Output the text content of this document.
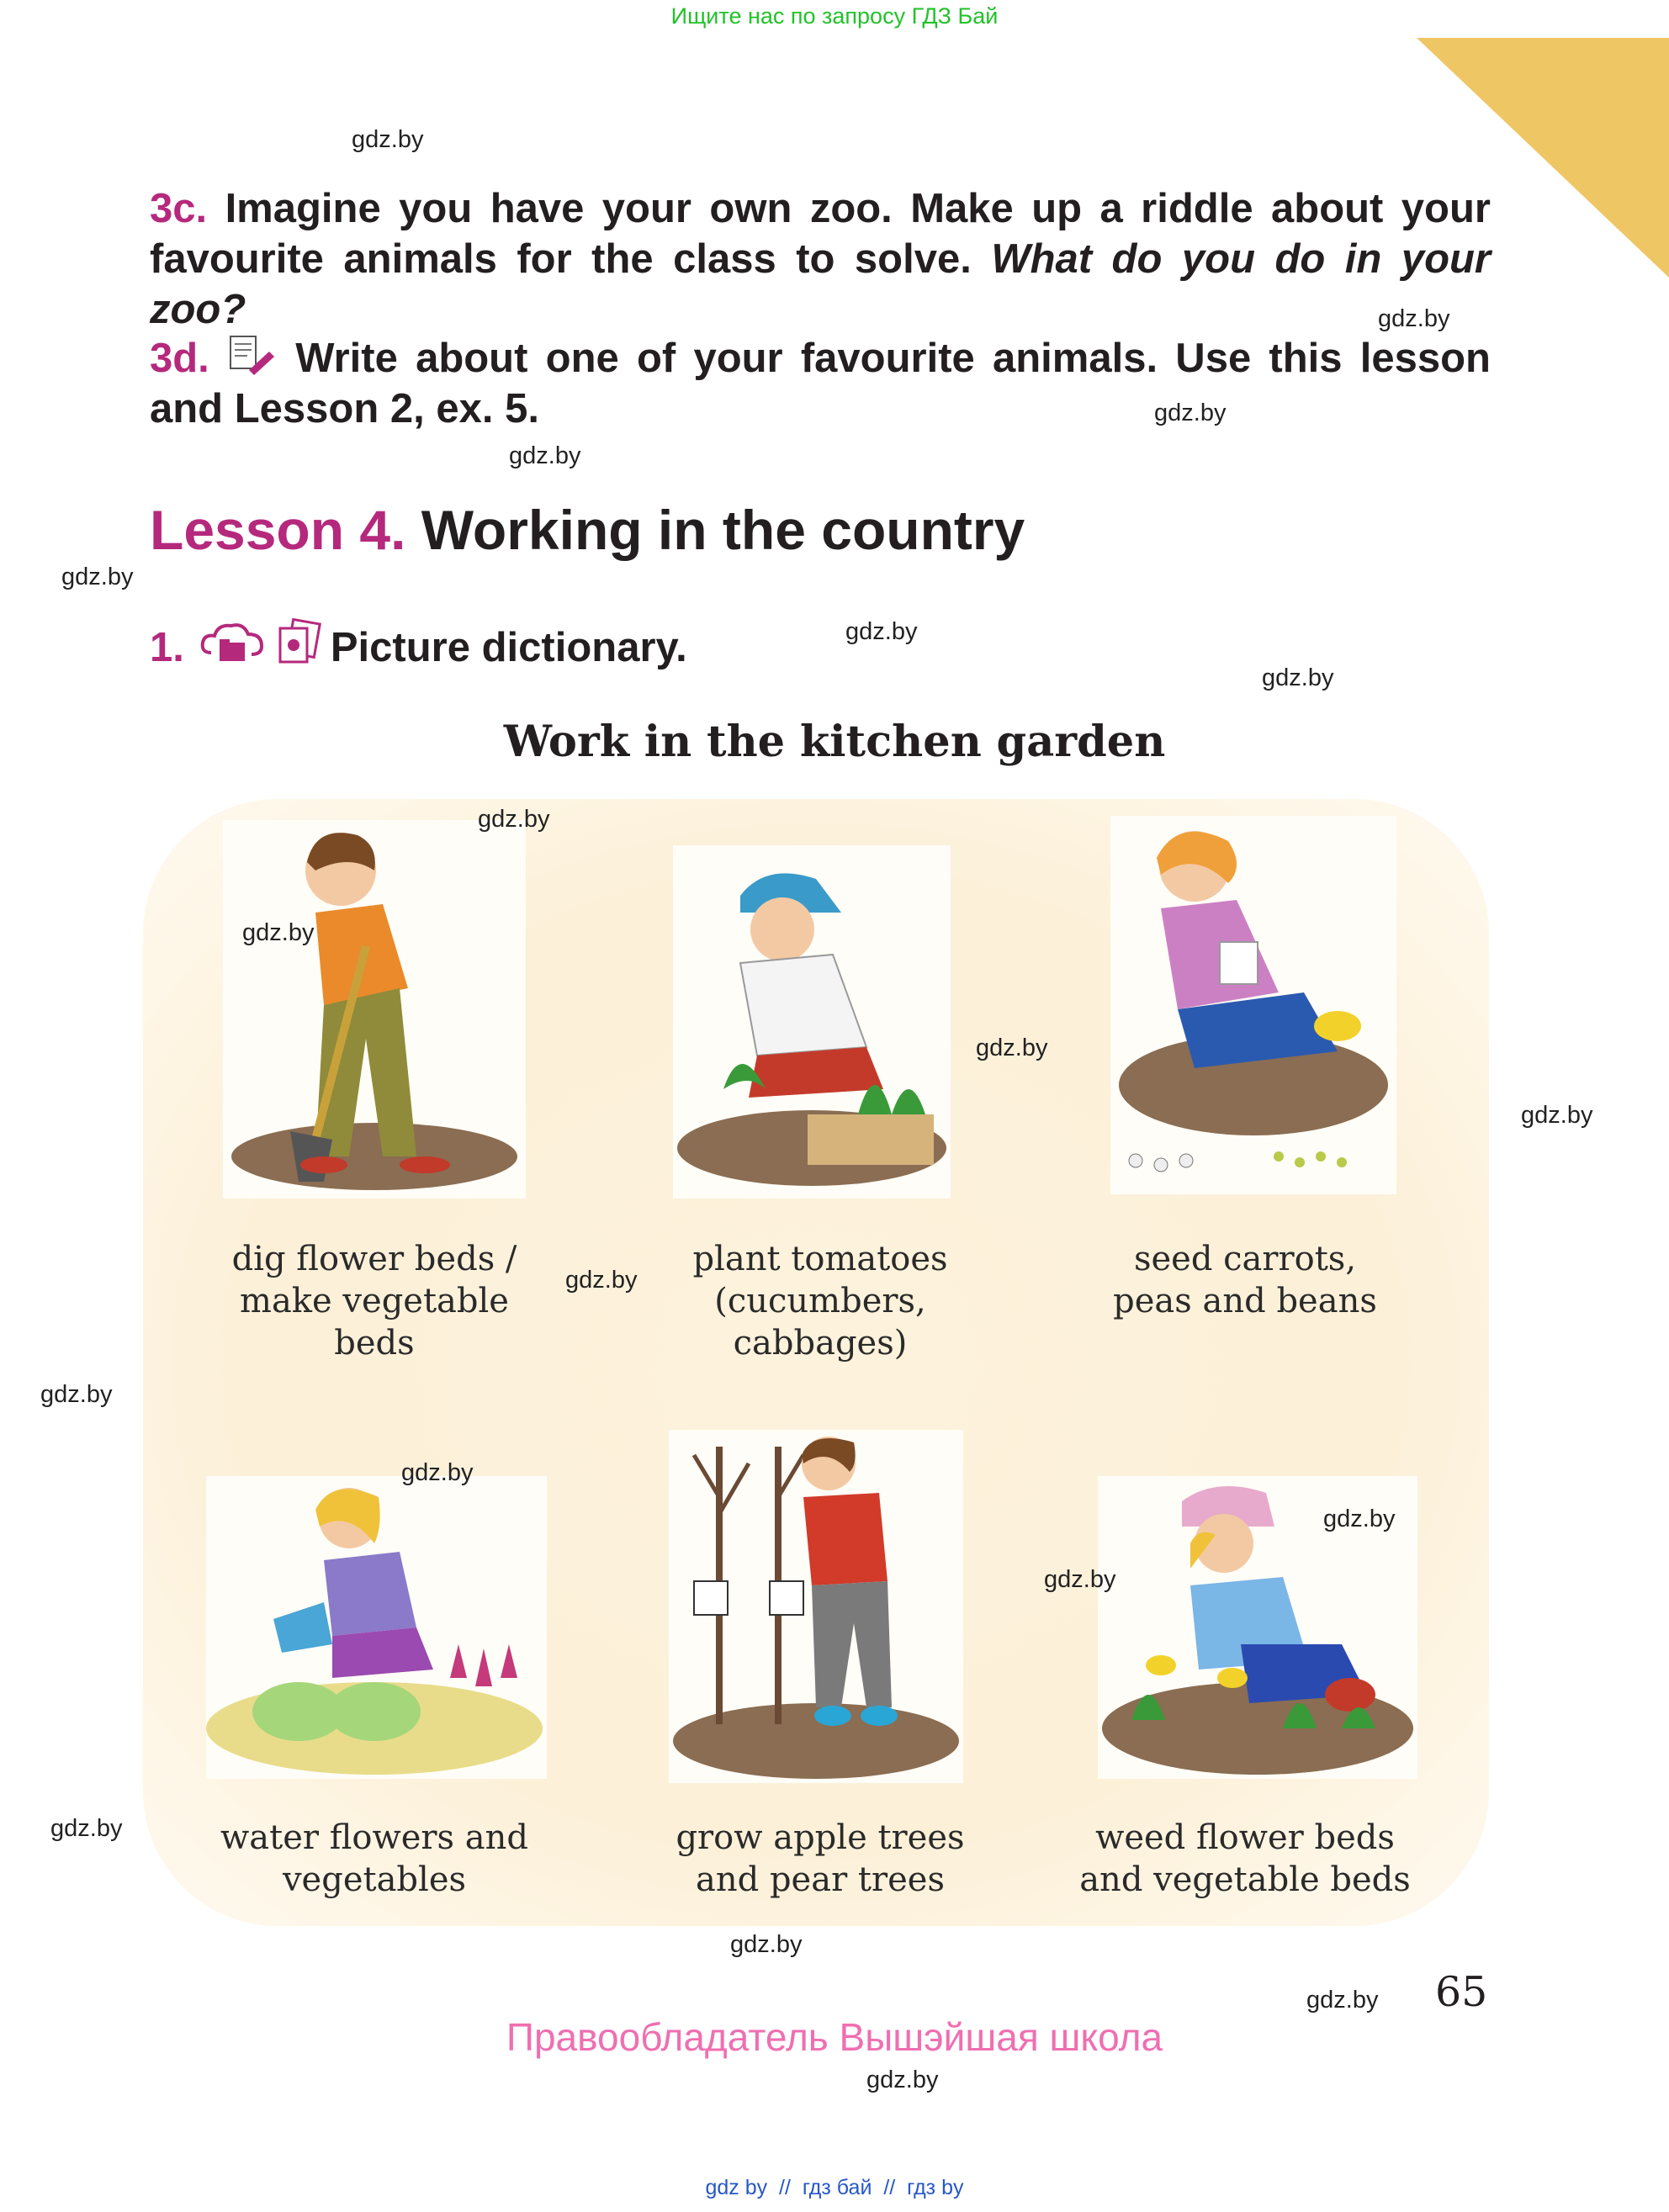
Ищите нас по запросу ГДЗ Бай
3c. Imagine you have your own zoo. Make up a riddle about your favourite animals for the class to solve. What do you do in your zoo?
3d. Write about one of your favourite animals. Use this lesson and Lesson 2, ex. 5.
Lesson 4. Working in the country
1.	Picture dictionary.
Work in the kitchen garden
dig flower beds /
make vegetable
beds
plant tomatoes
(cucumbers,
cabbages)
seed carrots,
peas and beans
water flowers and
vegetables
grow apple trees
and pear trees
weed flower beds
and vegetable beds
gdz.by
gdz.by
gdz.by
gdz.by
gdz.by
gdz.by
gdz.by
gdz.by
gdz.by
gdz.by
gdz.by
gdz.by
gdz.by
gdz.by
gdz.by
gdz.by
gdz.by
gdz.by
gdz.by
gdz.by
65
Правообладатель Вышэйшая школа
gdz by  //  гдз бай  //  гдз by
